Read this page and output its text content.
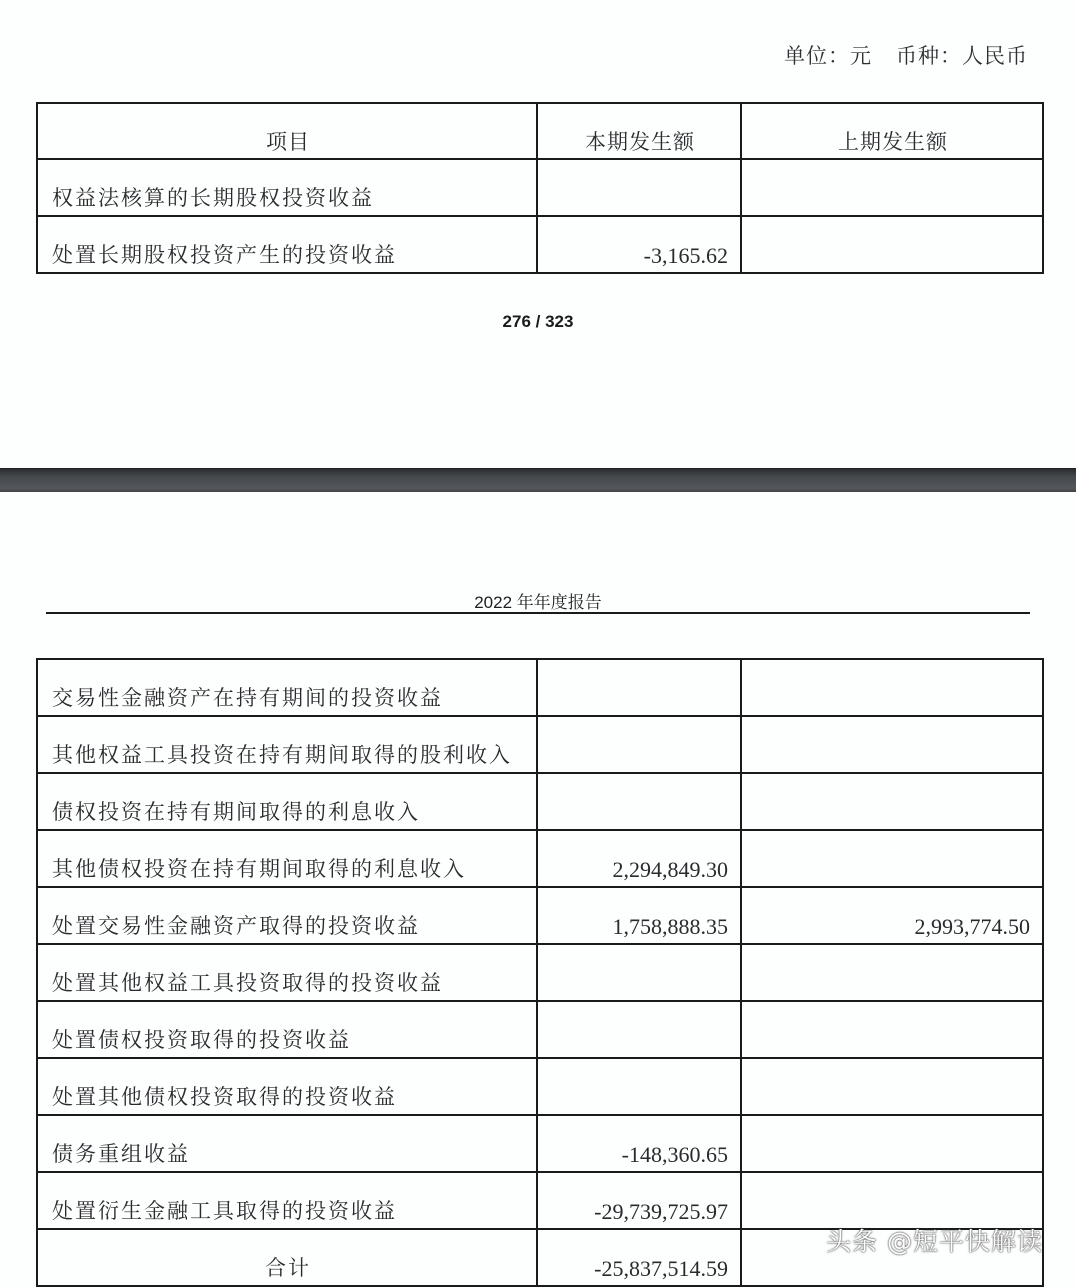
单位：元 币种：人民币
项目	本期发生额	上期发生额
权益法核算的长期股权投资收益		
处置长期股权投资产生的投资收益	-3,165.62	
276 / 323
2022 年年度报告
交易性金融资产在持有期间的投资收益		
其他权益工具投资在持有期间取得的股利收入		
债权投资在持有期间取得的利息收入		
其他债权投资在持有期间取得的利息收入	2,294,849.30	
处置交易性金融资产取得的投资收益	1,758,888.35	2,993,774.50
处置其他权益工具投资取得的投资收益		
处置债权投资取得的投资收益		
处置其他债权投资取得的投资收益		
债务重组收益	-148,360.65	
处置衍生金融工具取得的投资收益	-29,739,725.97	
合计	-25,837,514.59	
头条 @短平快解读
